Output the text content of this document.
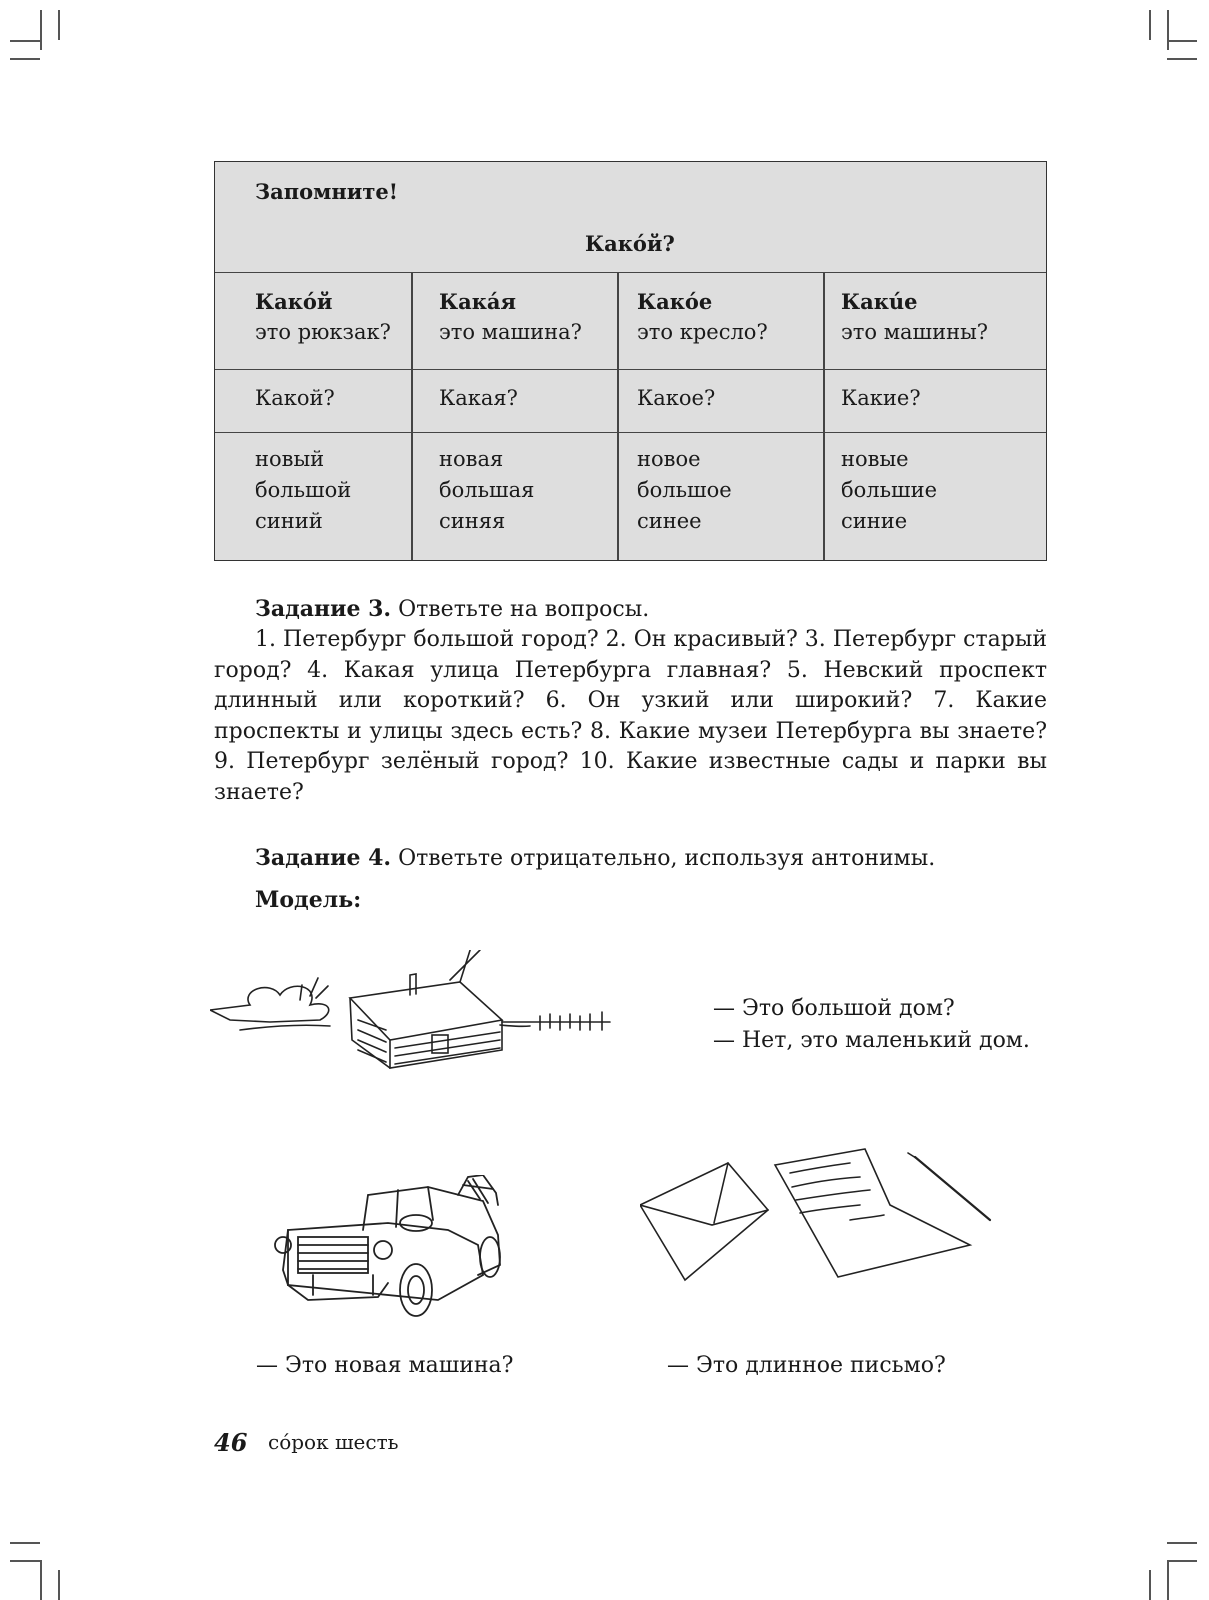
Запомните!
Какóй?
Какóй
это рюкзак?
Какой?
новый
большой
синий
Какáя
это машина?
Какая?
новая
большая
синяя
Какóе
это кресло?
Какое?
новое
большое
синее
Какúе
это машины?
Какие?
новые
большие
синие
Задание 3. Ответьте на вопросы.
1. Петербург большой город? 2. Он красивый? 3. Петербург старый город? 4. Какая улица Петербурга главная? 5. Невский проспект длинный или короткий? 6. Он узкий или широкий? 7. Какие проспекты и улицы здесь есть? 8. Какие музеи Петербурга вы знаете? 9. Петербург зелёный город? 10. Какие известные сады и парки вы знаете?
Задание 4. Ответьте отрицательно, используя антонимы.
Модель:
— Это большой дом?
— Нет, это маленький дом.
— Это новая машина?	— Это длинное письмо?
46 сóрок шесть
